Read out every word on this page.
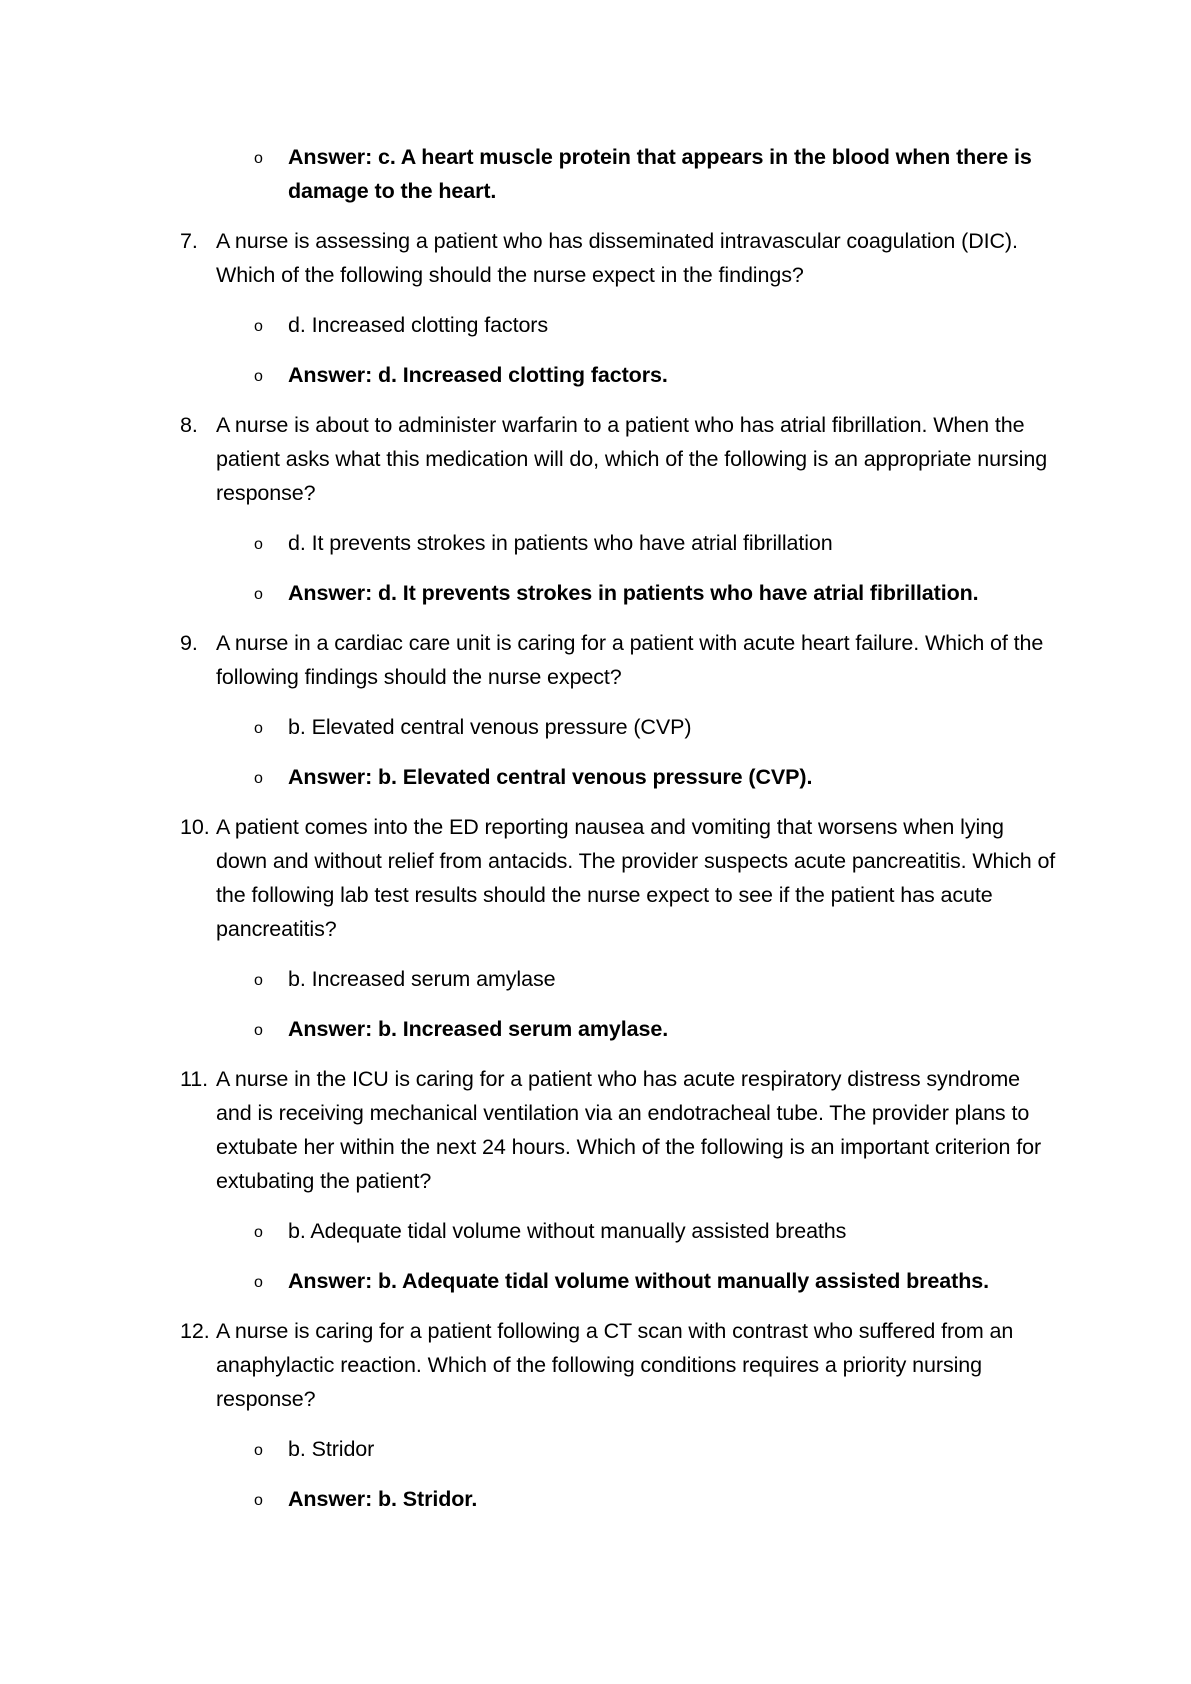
o Answer: c. A heart muscle protein that appears in the blood when there is damage to the heart.
7. A nurse is assessing a patient who has disseminated intravascular coagulation (DIC). Which of the following should the nurse expect in the findings?
o d. Increased clotting factors
o Answer: d. Increased clotting factors.
8. A nurse is about to administer warfarin to a patient who has atrial fibrillation. When the patient asks what this medication will do, which of the following is an appropriate nursing response?
o d. It prevents strokes in patients who have atrial fibrillation
o Answer: d. It prevents strokes in patients who have atrial fibrillation.
9. A nurse in a cardiac care unit is caring for a patient with acute heart failure. Which of the following findings should the nurse expect?
o b. Elevated central venous pressure (CVP)
o Answer: b. Elevated central venous pressure (CVP).
10. A patient comes into the ED reporting nausea and vomiting that worsens when lying down and without relief from antacids. The provider suspects acute pancreatitis. Which of the following lab test results should the nurse expect to see if the patient has acute pancreatitis?
o b. Increased serum amylase
o Answer: b. Increased serum amylase.
11. A nurse in the ICU is caring for a patient who has acute respiratory distress syndrome and is receiving mechanical ventilation via an endotracheal tube. The provider plans to extubate her within the next 24 hours. Which of the following is an important criterion for extubating the patient?
o b. Adequate tidal volume without manually assisted breaths
o Answer: b. Adequate tidal volume without manually assisted breaths.
12. A nurse is caring for a patient following a CT scan with contrast who suffered from an anaphylactic reaction. Which of the following conditions requires a priority nursing response?
o b. Stridor
o Answer: b. Stridor.
